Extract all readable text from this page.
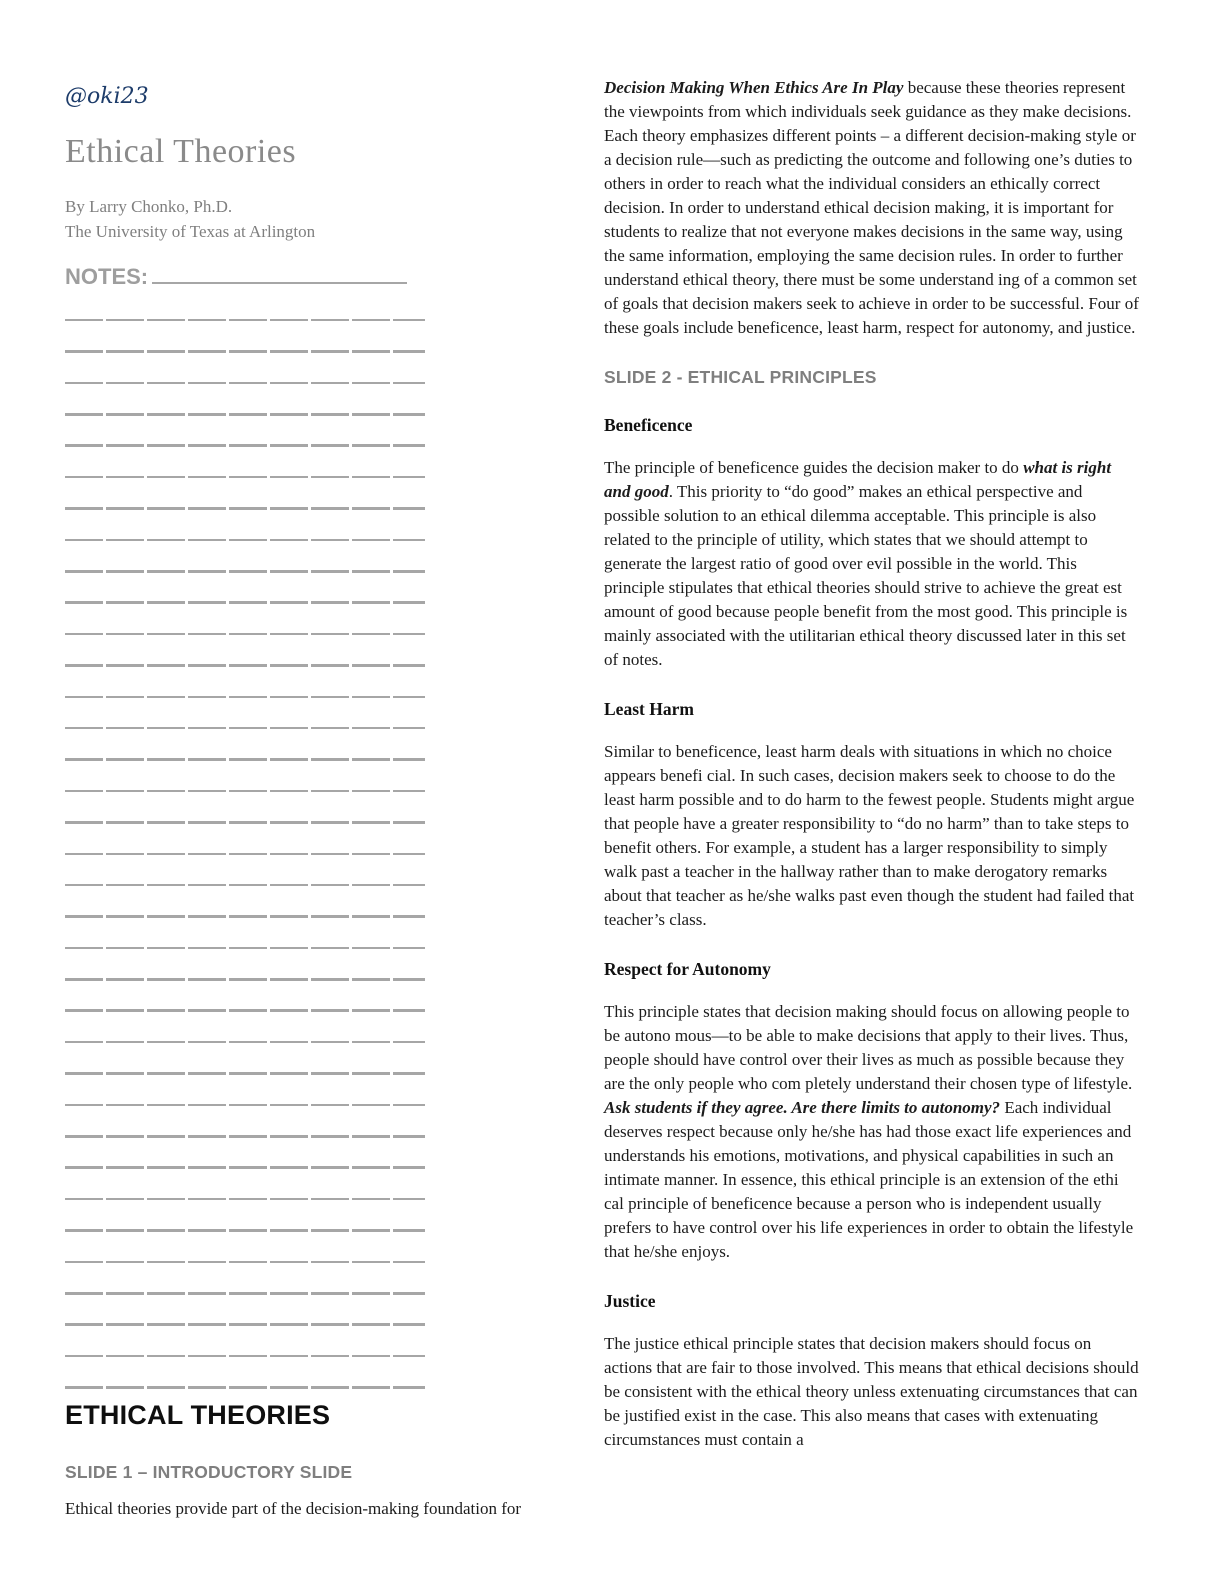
@oki23
Ethical Theories
By Larry Chonko, Ph.D.
The University of Texas at Arlington
NOTES:
ETHICAL THEORIES
SLIDE 1 – INTRODUCTORY SLIDE

Ethical theories provide part of the decision-making foundation for

Decision Making When Ethics Are In Play because these theories represent the viewpoints from which individuals seek guidance as they make decisions. Each theory emphasizes different points – a different decision-making style or a decision rule—such as predicting the outcome and following one’s duties to others in order to reach what the individual considers an ethically correct decision. In order to understand ethical decision making, it is important for students to realize that not everyone makes decisions in the same way, using the same information, employing the same decision rules. In order to further understand ethical theory, there must be some understand ing of a common set of goals that decision makers seek to achieve in order to be successful. Four of these goals include beneficence, least harm, respect for autonomy, and justice.

SLIDE 2 - ETHICAL PRINCIPLES
Beneficence

The principle of beneficence guides the decision maker to do what is right and good. This priority to “do good” makes an ethical perspective and possible solution to an ethical dilemma acceptable. This principle is also related to the principle of utility, which states that we should attempt to generate the largest ratio of good over evil possible in the world. This principle stipulates that ethical theories should strive to achieve the great est amount of good because people benefit from the most good. This principle is mainly associated with the utilitarian ethical theory discussed later in this set of notes.

Least Harm

Similar to beneficence, least harm deals with situations in which no choice appears benefi cial. In such cases, decision makers seek to choose to do the least harm possible and to do harm to the fewest people. Students might argue that people have a greater responsibility to “do no harm” than to take steps to benefit others. For example, a student has a larger responsibility to simply walk past a teacher in the hallway rather than to make derogatory remarks about that teacher as he/she walks past even though the student had failed that teacher’s class.

Respect for Autonomy

This principle states that decision making should focus on allowing people to be autono mous—to be able to make decisions that apply to their lives. Thus, people should have control over their lives as much as possible because they are the only people who com pletely understand their chosen type of lifestyle. Ask students if they agree. Are there limits to autonomy? Each individual deserves respect because only he/she has had those exact life experiences and understands his emotions, motivations, and physical capabilities in such an intimate manner. In essence, this ethical principle is an extension of the ethi cal principle of beneficence because a person who is independent usually prefers to have control over his life experiences in order to obtain the lifestyle that he/she enjoys.

Justice

The justice ethical principle states that decision makers should focus on actions that are fair to those involved. This means that ethical decisions should be consistent with the ethical theory unless extenuating circumstances that can be justified exist in the case. This also means that cases with extenuating circumstances must contain a
